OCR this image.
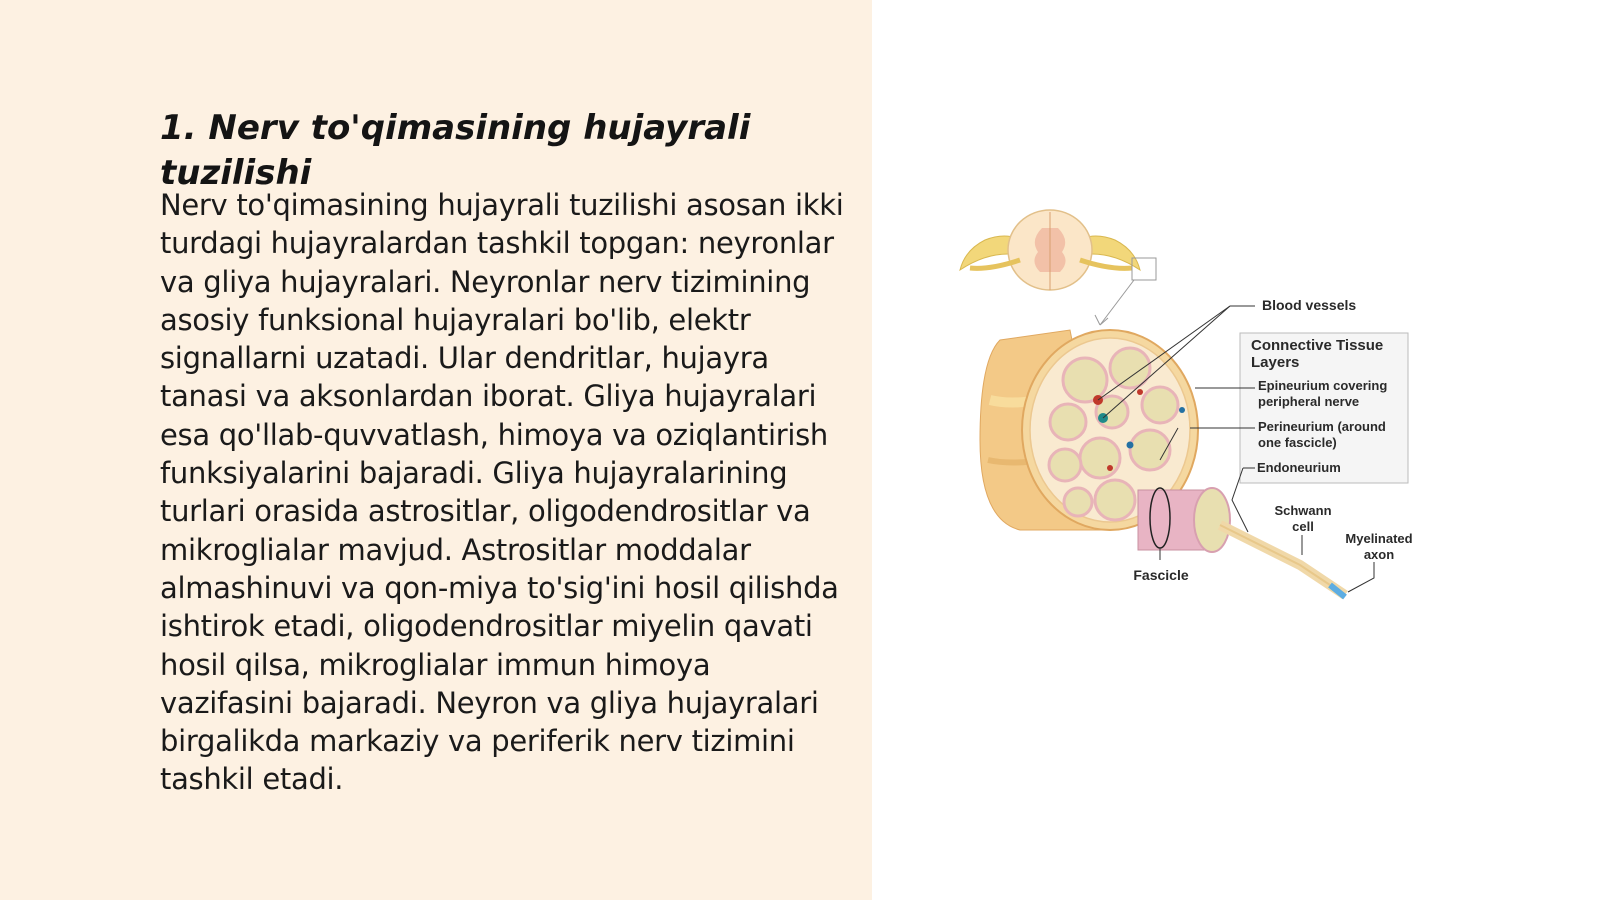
1. Nerv to'qimasining hujayrali tuzilishi

Nerv to'qimasining hujayrali tuzilishi asosan ikki turdagi hujayralardan tashkil topgan: neyronlar va gliya hujayralari. Neyronlar nerv tizimining asosiy funksional hujayralari bo'lib, elektr signallarni uzatadi. Ular dendritlar, hujayra tanasi va aksonlardan iborat. Gliya hujayralari esa qo'llab-quvvatlash, himoya va oziqlantirish funksiyalarini bajaradi. Gliya hujayralarining turlari orasida astrositlar, oligodendrositlar va mikroglialar mavjud. Astrositlar moddalar almashinuvi va qon-miya to'sig'ini hosil qilishda ishtirok etadi, oligodendrositlar miyelin qavati hosil qilsa, mikroglialar immun himoya vazifasini bajaradi. Neyron va gliya hujayralari birgalikda markaziy va periferik nerv tizimini tashkil etadi.

Blood vessels
Connective Tissue
Layers
Epineurium covering
peripheral nerve
Perineurium (around
one fascicle)
Endoneurium
Schwann
cell
Myelinated
axon
Fascicle
